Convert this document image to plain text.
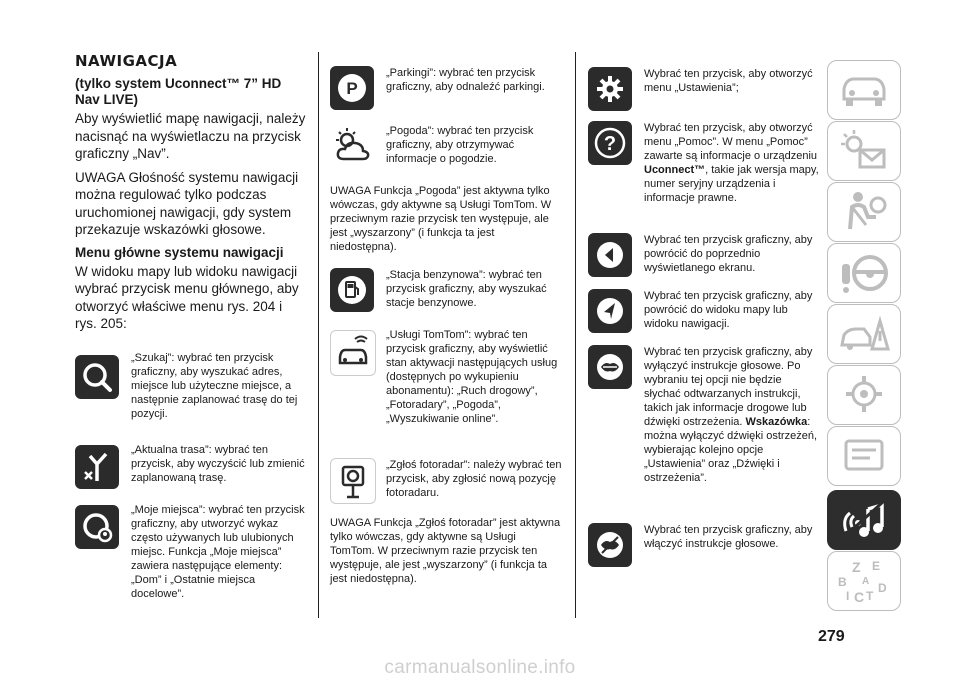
NAWIGACJA
(tylko system Uconnect™ 7” HD Nav LIVE)
Aby wyświetlić mapę nawigacji, należy nacisnąć na wyświetlaczu na przycisk graficzny „Nav”.
UWAGA Głośność systemu nawigacji można regulować tylko podczas uruchomionej nawigacji, gdy system przekazuje wskazówki głosowe.
Menu główne systemu nawigacji
W widoku mapy lub widoku nawigacji wybrać przycisk menu głównego, aby otworzyć właściwe menu rys. 204 i rys. 205:
„Szukaj”: wybrać ten przycisk graficzny, aby wyszukać adres, miejsce lub użyteczne miejsce, a następnie zaplanować trasę do tej pozycji.
„Aktualna trasa”: wybrać ten przycisk, aby wyczyścić lub zmienić zaplanowaną trasę.
„Moje miejsca”: wybrać ten przycisk graficzny, aby utworzyć wykaz często używanych lub ulubionych miejsc. Funkcja „Moje miejsca” zawiera następujące elementy: „Dom” i „Ostatnie miejsca docelowe”.
P
„Parkingi”: wybrać ten przycisk graficzny, aby odnaleźć parkingi.
„Pogoda”: wybrać ten przycisk graficzny, aby otrzymywać informacje o pogodzie.
UWAGA Funkcja „Pogoda” jest aktywna tylko wówczas, gdy aktywne są Usługi TomTom. W przeciwnym razie przycisk ten występuje, ale jest „wyszarzony” (i funkcja ta jest niedostępna).
„Stacja benzynowa”: wybrać ten przycisk graficzny, aby wyszukać stacje benzynowe.
„Usługi TomTom”: wybrać ten przycisk graficzny, aby wyświetlić stan aktywacji następujących usług (dostępnych po wykupieniu abonamentu): „Ruch drogowy”, „Fotoradary”, „Pogoda”, „Wyszukiwanie online”.
„Zgłoś fotoradar”: należy wybrać ten przycisk, aby zgłosić nową pozycję fotoradaru.
UWAGA Funkcja „Zgłoś fotoradar” jest aktywna tylko wówczas, gdy aktywne są Usługi TomTom. W przeciwnym razie przycisk ten występuje, ale jest „wyszarzony” (i funkcja ta jest niedostępna).
Wybrać ten przycisk, aby otworzyć menu „Ustawienia”;
?
Wybrać ten przycisk, aby otworzyć menu „Pomoc”. W menu „Pomoc” zawarte są informacje o urządzeniu Uconnect™, takie jak wersja mapy, numer seryjny urządzenia i informacje prawne.
Wybrać ten przycisk graficzny, aby powrócić do poprzednio wyświetlanego ekranu.
Wybrać ten przycisk graficzny, aby powrócić do widoku mapy lub widoku nawigacji.
Wybrać ten przycisk graficzny, aby wyłączyć instrukcje głosowe. Po wybraniu tej opcji nie będzie słychać odtwarzanych instrukcji, takich jak informacje drogowe lub dźwięki ostrzeżenia. Wskazówka: można wyłączyć dźwięki ostrzeżeń, wybierając kolejno opcje „Ustawienia” oraz „Dźwięki i ostrzeżenia”.
Wybrać ten przycisk graficzny, aby włączyć instrukcje głosowe.
Z E
B A
I C T
D
279
carmanualsonline.info
